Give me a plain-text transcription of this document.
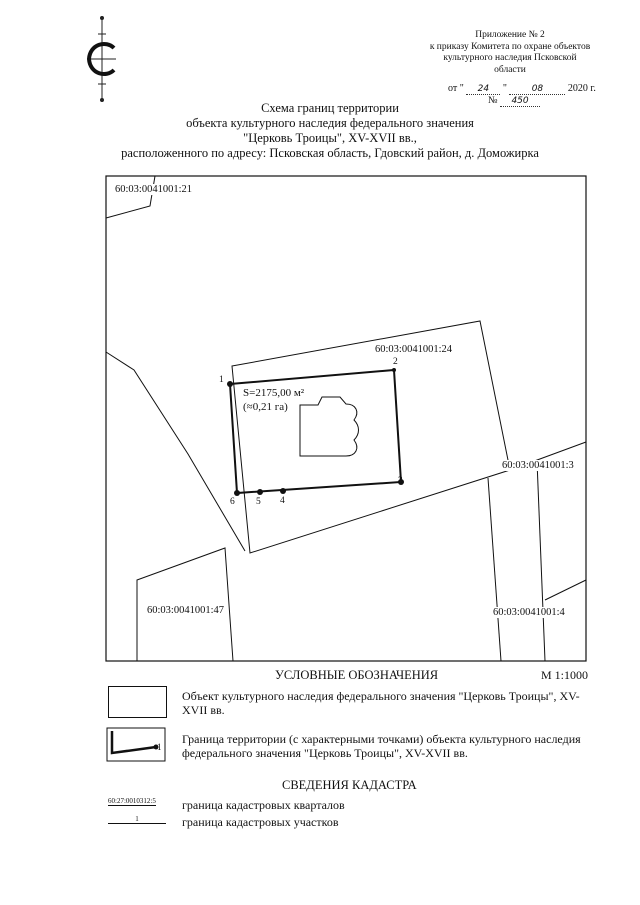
Приложение № 2
к приказу Комитета по охране объектов
культурного наследия Псковской
области
от " 24 "	08 2020 г.
№ 450
Схема границ территории
объекта культурного наследия федерального значения
"Церковь Троицы", XV-XVII вв.,
расположенного по адресу: Псковская область, Гдовский район, д. Доможирка
60:03:0041001:21
60:03:0041001:24
60:03:0041001:3
60:03:0041001:47	60:03:0041001:4
S=2175,00 м²
(≈0,21 га)
1
2
3
4
5
6
УСЛОВНЫЕ ОБОЗНАЧЕНИЯ	М 1:1000
Объект культурного наследия федерального значения "Церковь Троицы", XV-XVII вв.
1
Граница территории (с характерными точками) объекта культурного наследия федерального значения "Церковь Троицы", XV-XVII вв.
СВЕДЕНИЯ КАДАСТРА
60:27:0010312:5 граница кадастровых кварталов
1	граница кадастровых участков
